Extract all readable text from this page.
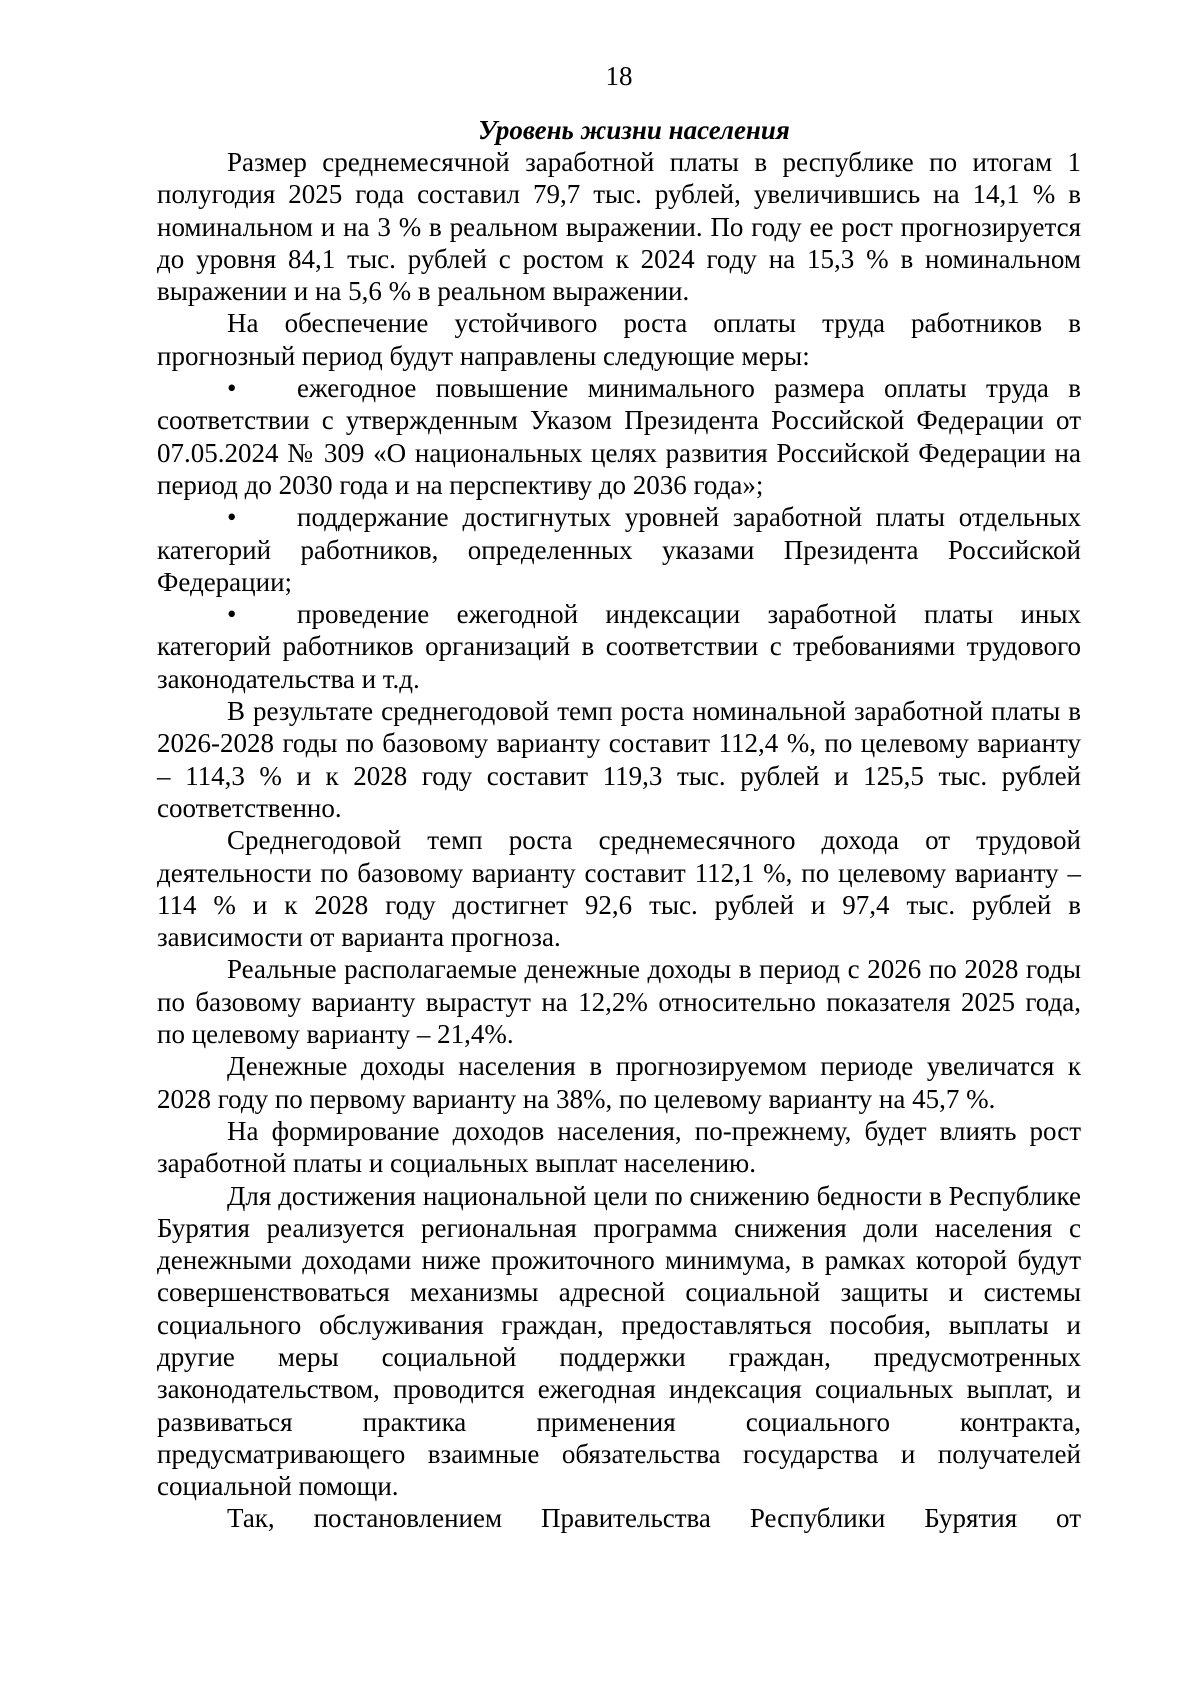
18

Уровень жизни населения

Размер среднемесячной заработной платы в республике по итогам 1 полугодия 2025 года составил 79,7 тыс. рублей, увеличившись на 14,1 % в номинальном и на 3 % в реальном выражении. По году ее рост прогнозируется до уровня 84,1 тыс. рублей с ростом к 2024 году на 15,3 % в номинальном выражении и на 5,6 % в реальном выражении.

На обеспечение устойчивого роста оплаты труда работников в прогнозный период будут направлены следующие меры:

• ежегодное повышение минимального размера оплаты труда в соответствии с утвержденным Указом Президента Российской Федерации от 07.05.2024 № 309 «О национальных целях развития Российской Федерации на период до 2030 года и на перспективу до 2036 года»;

• поддержание достигнутых уровней заработной платы отдельных категорий работников, определенных указами Президента Российской Федерации;

• проведение ежегодной индексации заработной платы иных категорий работников организаций в соответствии с требованиями трудового законодательства и т.д.

В результате среднегодовой темп роста номинальной заработной платы в 2026-2028 годы по базовому варианту составит 112,4 %, по целевому варианту – 114,3 % и к 2028 году составит 119,3 тыс. рублей и 125,5 тыс. рублей соответственно.

Среднегодовой темп роста среднемесячного дохода от трудовой деятельности по базовому варианту составит 112,1 %, по целевому варианту – 114 % и к 2028 году достигнет 92,6 тыс. рублей и 97,4 тыс. рублей в зависимости от варианта прогноза.

Реальные располагаемые денежные доходы в период с 2026 по 2028 годы по базовому варианту вырастут на 12,2% относительно показателя 2025 года, по целевому варианту – 21,4%.

Денежные доходы населения в прогнозируемом периоде увеличатся к 2028 году по первому варианту на 38%, по целевому варианту на 45,7 %.

На формирование доходов населения, по-прежнему, будет влиять рост заработной платы и социальных выплат населению.

Для достижения национальной цели по снижению бедности в Республике Бурятия реализуется региональная программа снижения доли населения с денежными доходами ниже прожиточного минимума, в рамках которой будут совершенствоваться механизмы адресной социальной защиты и системы социального обслуживания граждан, предоставляться пособия, выплаты и другие меры социальной поддержки граждан, предусмотренных законодательством, проводится ежегодная индексация социальных выплат, и развиваться практика применения социального контракта, предусматривающего взаимные обязательства государства и получателей социальной помощи.

Так, постановлением Правительства Республики Бурятия от
